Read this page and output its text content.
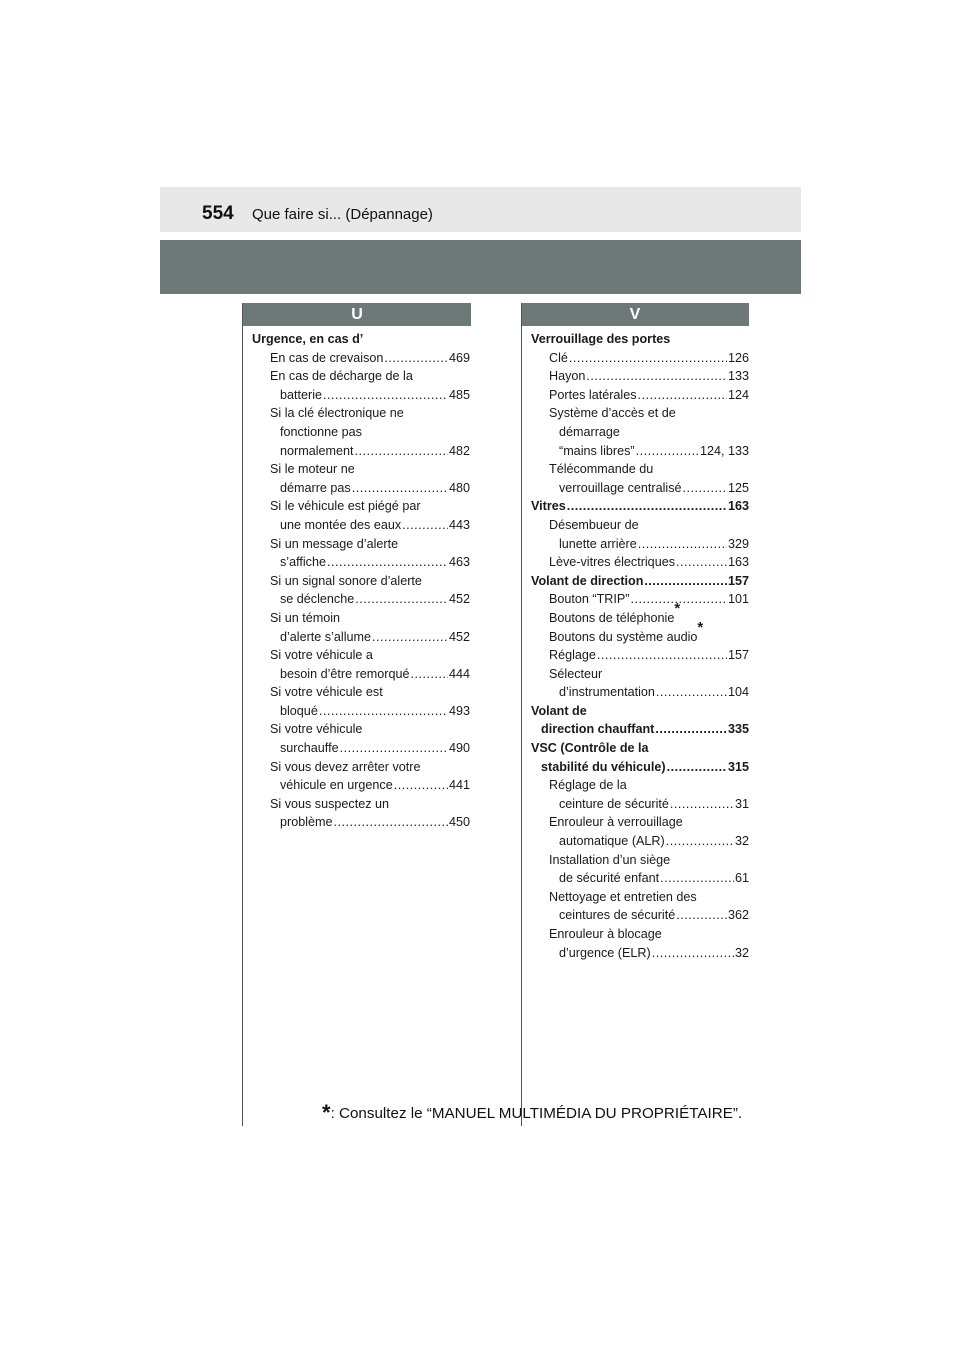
554 Que faire si... (Dépannage)
U	V
Urgence, en cas d’
En cas de crevaison .....	469
En cas de décharge de la
batterie .....	485
Si la clé électronique ne
fonctionne pas
normalement .....	482
Si le moteur ne
démarre pas .....	480
Si le véhicule est piégé par
une montée des eaux .....	443
Si un message d’alerte
s’affiche .....	463
Si un signal sonore d’alerte
se déclenche .....	452
Si un témoin
d’alerte s’allume .....	452
Si votre véhicule a
besoin d’être remorqué .....	444
Si votre véhicule est
bloqué .....	493
Si votre véhicule
surchauffe .....	490
Si vous devez arrêter votre
véhicule en urgence .....	441
Si vous suspectez un
problème .....	450
Verrouillage des portes
Clé .....	126
Hayon .....	133
Portes latérales .....	124
Système d’accès et de
démarrage
“mains libres” .....	124, 133
Télécommande du
verrouillage centralisé .....	125
Vitres .....	163
Désembueur de
lunette arrière .....	329
Lève-vitres électriques .....	163
Volant de direction .....	157
Bouton “TRIP” .....	101
Boutons de téléphonie
*
Boutons du système audio
*
Réglage .....	157
Sélecteur
d’instrumentation .....	104
Volant de
direction chauffant .....	335
VSC (Contrôle de la
stabilité du véhicule) .....	315
Réglage de la
ceinture de sécurité .....	31
Enrouleur à verrouillage
automatique (ALR) .....	32
Installation d’un siège
de sécurité enfant .....	61
Nettoyage et entretien des
ceintures de sécurité .....	362
Enrouleur à blocage
d’urgence (ELR) .....	32
*: Consultez le “MANUEL MULTIMÉDIA DU PROPRIÉTAIRE”.
